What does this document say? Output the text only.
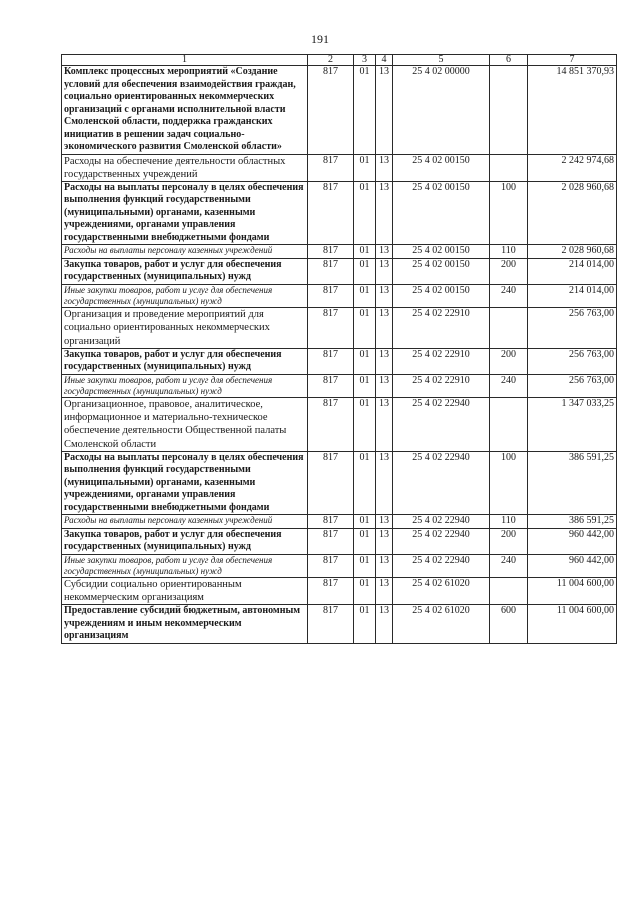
191
1	2	3	4	5	6	7
Комплекс процессных мероприятий «Создание условий для обеспечения взаимодействия граждан, социально ориентированных некоммерческих организаций с органами исполнительной власти Смоленской области, поддержка гражданских инициатив в решении задач социально-экономического развития Смоленской области»	817	01	13	25 4 02 00000		14 851 370,93
Расходы на обеспечение деятельности областных государственных учреждений	817	01	13	25 4 02 00150		2 242 974,68
Расходы на выплаты персоналу в целях обеспечения выполнения функций государственными (муниципальными) органами, казенными учреждениями, органами управления государственными внебюджетными фондами	817	01	13	25 4 02 00150	100	2 028 960,68
Расходы на выплаты персоналу казенных учреждений	817	01	13	25 4 02 00150	110	2 028 960,68
Закупка товаров, работ и услуг для обеспечения государственных (муниципальных) нужд	817	01	13	25 4 02 00150	200	214 014,00
Иные закупки товаров, работ и услуг для обеспечения государственных (муниципальных) нужд	817	01	13	25 4 02 00150	240	214 014,00
Организация и проведение мероприятий для социально ориентированных некоммерческих организаций	817	01	13	25 4 02 22910		256 763,00
Закупка товаров, работ и услуг для обеспечения государственных (муниципальных) нужд	817	01	13	25 4 02 22910	200	256 763,00
Иные закупки товаров, работ и услуг для обеспечения государственных (муниципальных) нужд	817	01	13	25 4 02 22910	240	256 763,00
Организационное, правовое, аналитическое, информационное и материально-техническое обеспечение деятельности Общественной палаты Смоленской области	817	01	13	25 4 02 22940		1 347 033,25
Расходы на выплаты персоналу в целях обеспечения выполнения функций государственными (муниципальными) органами, казенными учреждениями, органами управления государственными внебюджетными фондами	817	01	13	25 4 02 22940	100	386 591,25
Расходы на выплаты персоналу казенных учреждений	817	01	13	25 4 02 22940	110	386 591,25
Закупка товаров, работ и услуг для обеспечения государственных (муниципальных) нужд	817	01	13	25 4 02 22940	200	960 442,00
Иные закупки товаров, работ и услуг для обеспечения государственных (муниципальных) нужд	817	01	13	25 4 02 22940	240	960 442,00
Субсидии социально ориентированным некоммерческим организациям	817	01	13	25 4 02 61020		11 004 600,00
Предоставление субсидий бюджетным, автономным учреждениям и иным некоммерческим организациям	817	01	13	25 4 02 61020	600	11 004 600,00
